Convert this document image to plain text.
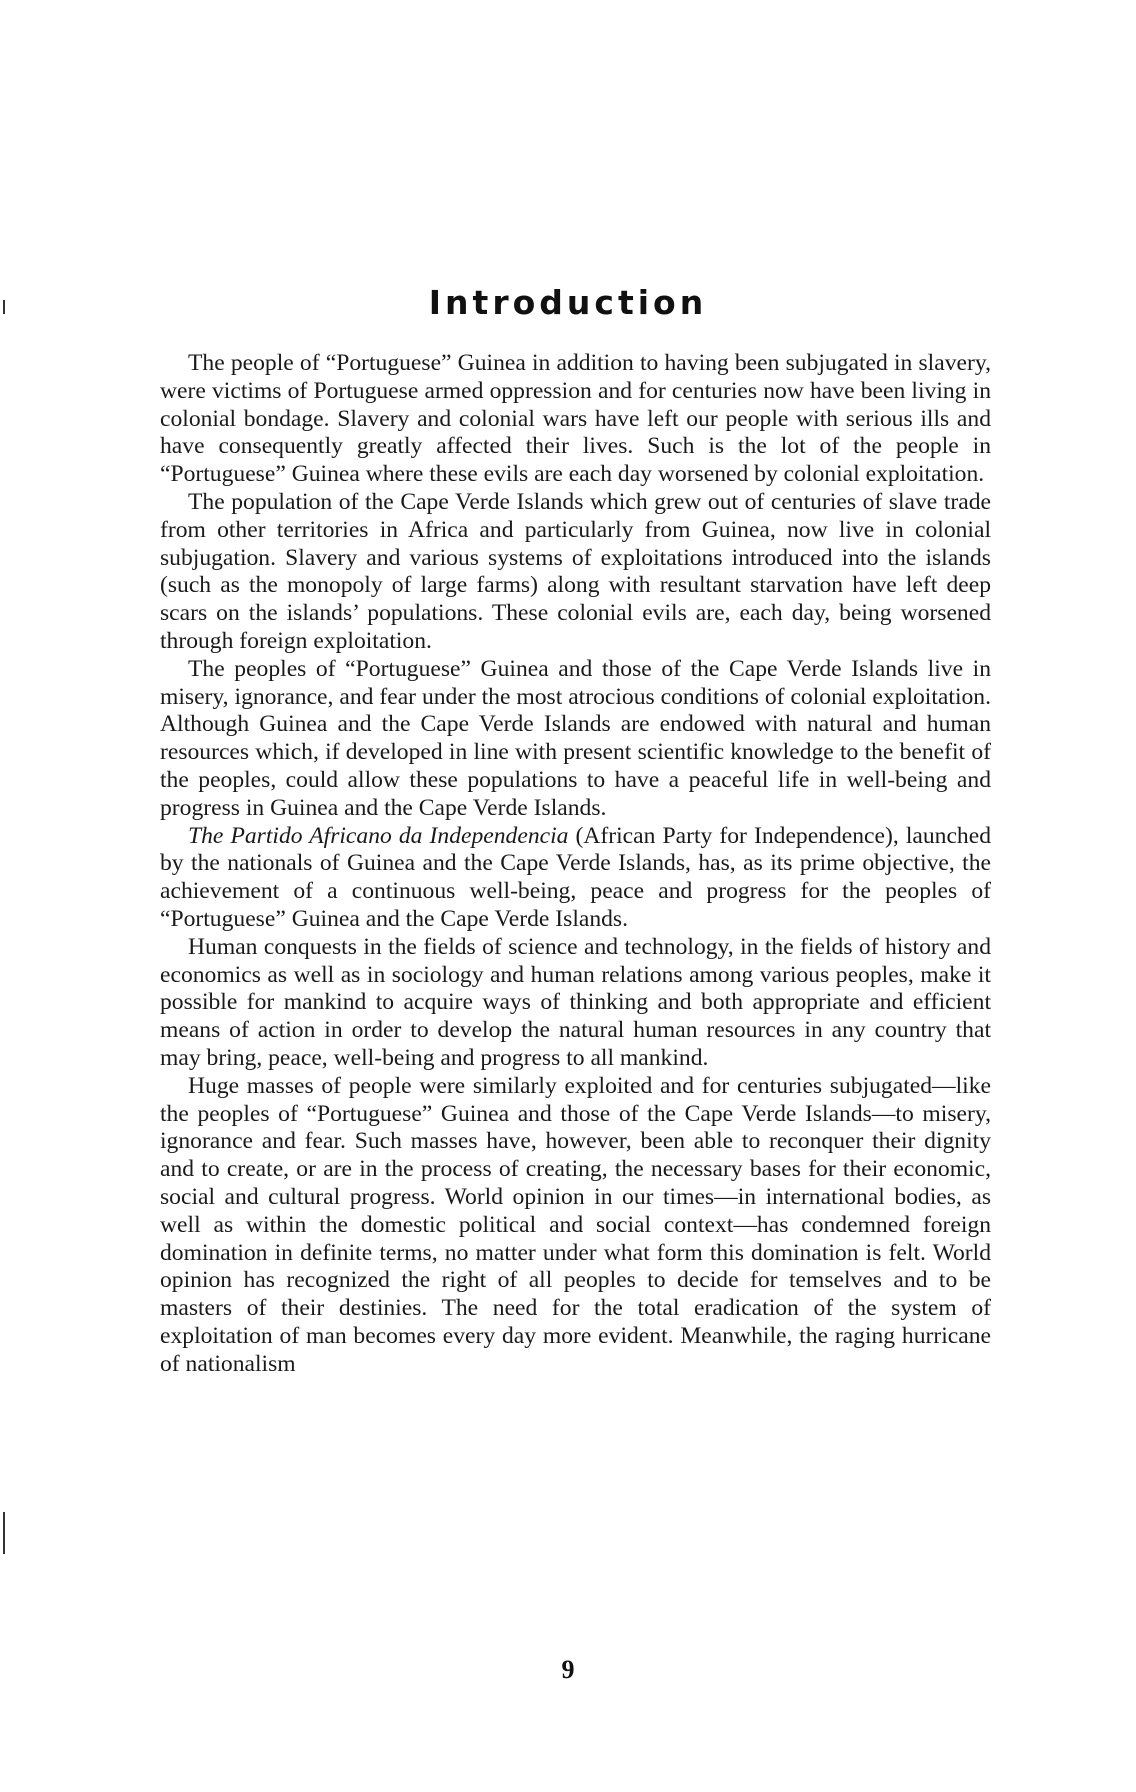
Introduction

The people of “Portuguese” Guinea in addition to having been subjugated in slavery, were victims of Portuguese armed oppression and for centuries now have been living in colonial bondage. Slavery and colonial wars have left our people with serious ills and have consequently greatly affected their lives. Such is the lot of the people in “Portuguese” Guinea where these evils are each day worsened by colonial exploitation.

The population of the Cape Verde Islands which grew out of centuries of slave trade from other territories in Africa and particularly from Guinea, now live in colonial subjugation. Slavery and various systems of exploitations introduced into the islands (such as the monopoly of large farms) along with resultant starvation have left deep scars on the islands’ populations. These colonial evils are, each day, being worsened through foreign exploitation.

The peoples of “Portuguese” Guinea and those of the Cape Verde Islands live in misery, ignorance, and fear under the most atrocious conditions of colonial exploitation. Although Guinea and the Cape Verde Islands are endowed with natural and human resources which, if developed in line with present scientific knowledge to the benefit of the peoples, could allow these populations to have a peaceful life in well-being and progress in Guinea and the Cape Verde Islands.

The Partido Africano da Independencia (African Party for Independence), launched by the nationals of Guinea and the Cape Verde Islands, has, as its prime objective, the achievement of a continuous well-being, peace and progress for the peoples of “Portuguese” Guinea and the Cape Verde Islands.

Human conquests in the fields of science and technology, in the fields of history and economics as well as in sociology and human relations among various peoples, make it possible for mankind to acquire ways of thinking and both appropriate and efficient means of action in order to develop the natural human resources in any country that may bring, peace, well-being and progress to all mankind.

Huge masses of people were similarly exploited and for centuries subjugated—like the peoples of “Portuguese” Guinea and those of the Cape Verde Islands—to misery, ignorance and fear. Such masses have, however, been able to reconquer their dignity and to create, or are in the process of creating, the necessary bases for their economic, social and cultural progress. World opinion in our times—in international bodies, as well as within the domestic political and social context—has condemned foreign domination in definite terms, no matter under what form this domination is felt. World opinion has recognized the right of all peoples to decide for temselves and to be masters of their destinies. The need for the total eradication of the system of exploitation of man becomes every day more evident. Meanwhile, the raging hurricane of nationalism

9
